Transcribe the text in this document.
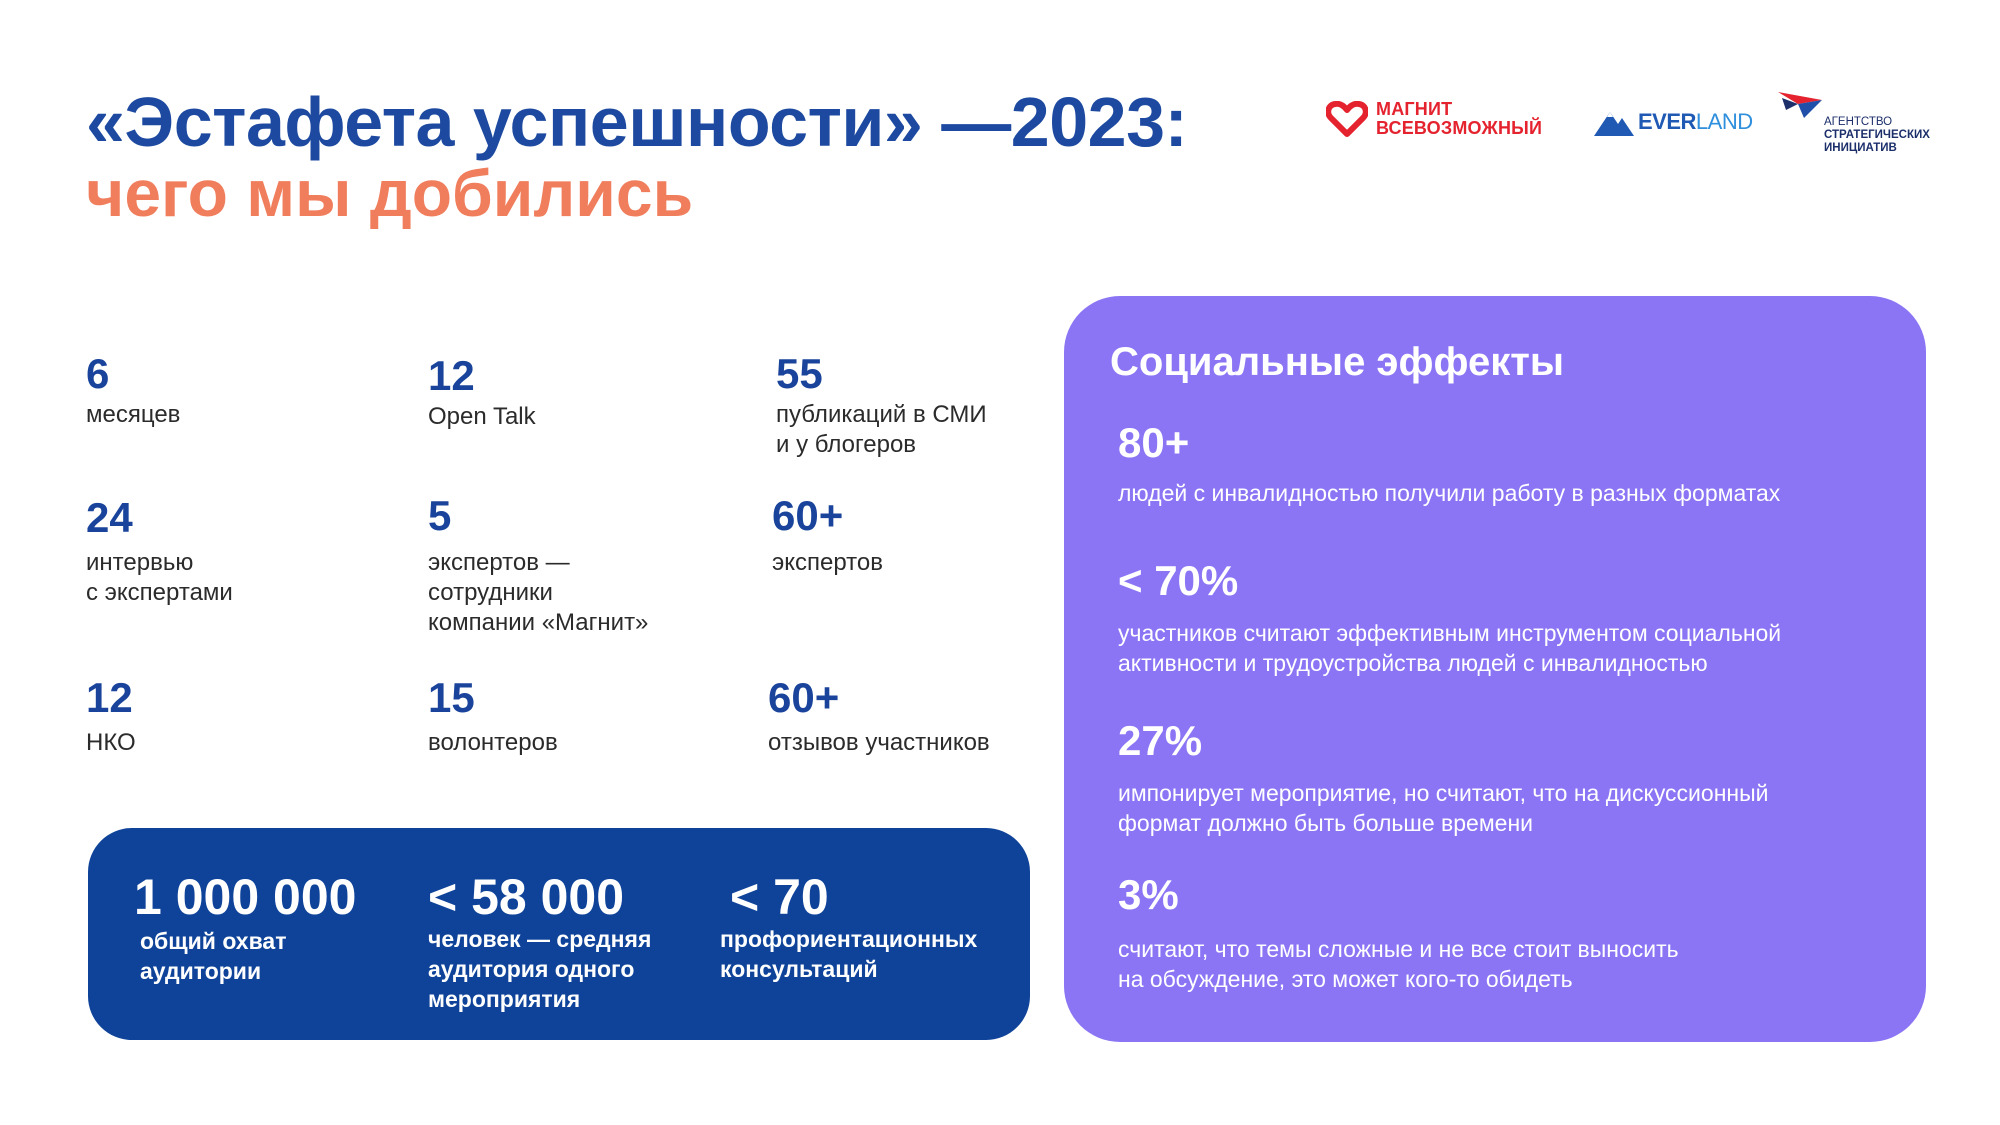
«Эстафета успешности» —2023:
чего мы добились
МАГНИТ
ВСЕВОЗМОЖНЫЙ	EVERLAND	АГЕНТСТВО
СТРАТЕГИЧЕСКИХ
ИНИЦИАТИВ
6
месяцев
12
Open Talk
55
публикаций в СМИ
и у блогеров
24
интервью
с экспертами
5
экспертов —
сотрудники
компании «Магнит»
60+
экспертов
12
НКО
15
волонтеров
60+
отзывов участников
1 000 000
общий охват
аудитории
< 58 000
человек — средняя
аудитория одного
мероприятия
< 70
профориентационных
консультаций
Социальные эффекты
80+
людей с инвалидностью получили работу в разных форматах
< 70%
участников считают эффективным инструментом социальной
активности и трудоустройства людей с инвалидностью
27%
импонирует мероприятие, но считают, что на дискуссионный
формат должно быть больше времени
3%
считают, что темы сложные и не все стоит выносить
на обсуждение, это может кого-то обидеть
